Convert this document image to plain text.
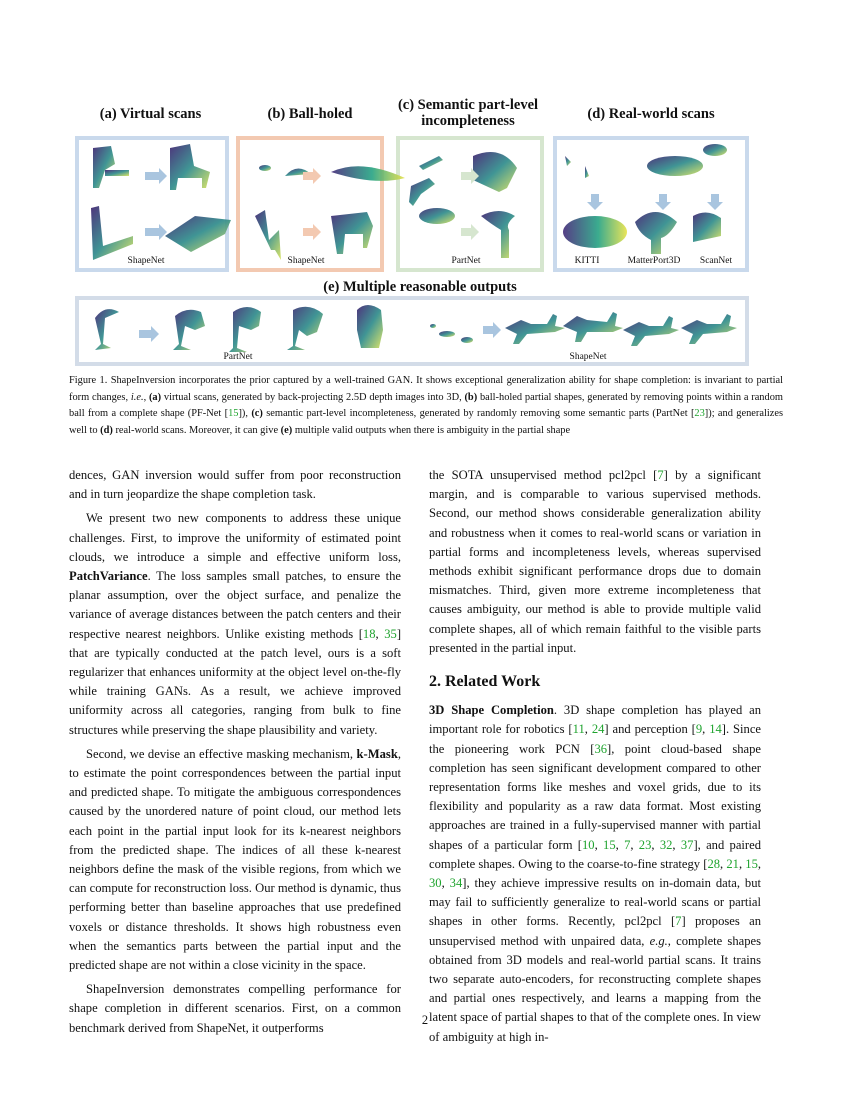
(a) Virtual scans	(b) Ball-holed
(c) Semantic part-level incompleteness	(d) Real-world scans
ShapeNet	ShapeNet	PartNet	KITTI	MatterPort3D	ScanNet
(e) Multiple reasonable outputs
PartNet	ShapeNet
Figure 1. ShapeInversion incorporates the prior captured by a well-trained GAN. It shows exceptional generalization ability for shape completion: is invariant to partial form changes, i.e., (a) virtual scans, generated by back-projecting 2.5D depth images into 3D, (b) ball-holed partial shapes, generated by removing points within a random ball from a complete shape (PF-Net [15]), (c) semantic part-level incompleteness, generated by randomly removing some semantic parts (PartNet [23]); and generalizes well to (d) real-world scans. Moreover, it can give (e) multiple valid outputs when there is ambiguity in the partial shape

dences, GAN inversion would suffer from poor reconstruction and in turn jeopardize the shape completion task.

We present two new components to address these unique challenges. First, to improve the uniformity of estimated point clouds, we introduce a simple and effective uniform loss, PatchVariance. The loss samples small patches, to ensure the planar assumption, over the object surface, and penalize the variance of average distances between the patch centers and their respective nearest neighbors. Unlike existing methods [18, 35] that are typically conducted at the patch level, ours is a soft regularizer that enhances uniformity at the object level on-the-fly while training GANs. As a result, we achieve improved uniformity across all categories, ranging from bulk to fine structures while preserving the shape plausibility and variety.

Second, we devise an effective masking mechanism, k-Mask, to estimate the point correspondences between the partial input and predicted shape. To mitigate the ambiguous correspondences caused by the unordered nature of point cloud, our method lets each point in the partial input look for its k-nearest neighbors from the predicted shape. The indices of all these k-nearest neighbors define the mask of the visible regions, from which we can compute for reconstruction loss. Our method is dynamic, thus performing better than baseline approaches that use predefined voxels or distance thresholds. It shows high robustness even when the semantics parts between the partial input and the predicted shape are not within a close vicinity in the space.

ShapeInversion demonstrates compelling performance for shape completion in different scenarios. First, on a common benchmark derived from ShapeNet, it outperforms

the SOTA unsupervised method pcl2pcl [7] by a significant margin, and is comparable to various supervised methods. Second, our method shows considerable generalization ability and robustness when it comes to real-world scans or variation in partial forms and incompleteness levels, whereas supervised methods exhibit significant performance drops due to domain mismatches. Third, given more extreme incompleteness that causes ambiguity, our method is able to provide multiple valid complete shapes, all of which remain faithful to the visible parts presented in the partial input.

2. Related Work

3D Shape Completion. 3D shape completion has played an important role for robotics [11, 24] and perception [9, 14]. Since the pioneering work PCN [36], point cloud-based shape completion has seen significant development compared to other representation forms like meshes and voxel grids, due to its flexibility and popularity as a raw data format. Most existing approaches are trained in a fully-supervised manner with partial shapes of a particular form [10, 15, 7, 23, 32, 37], and paired complete shapes. Owing to the coarse-to-fine strategy [28, 21, 15, 30, 34], they achieve impressive results on in-domain data, but may fail to sufficiently generalize to real-world scans or partial shapes in other forms. Recently, pcl2pcl [7] proposes an unsupervised method with unpaired data, e.g., complete shapes obtained from 3D models and real-world partial scans. It trains two separate auto-encoders, for reconstructing complete shapes and partial ones respectively, and learns a mapping from the latent space of partial shapes to that of the complete ones. In view of ambiguity at high in-

2
